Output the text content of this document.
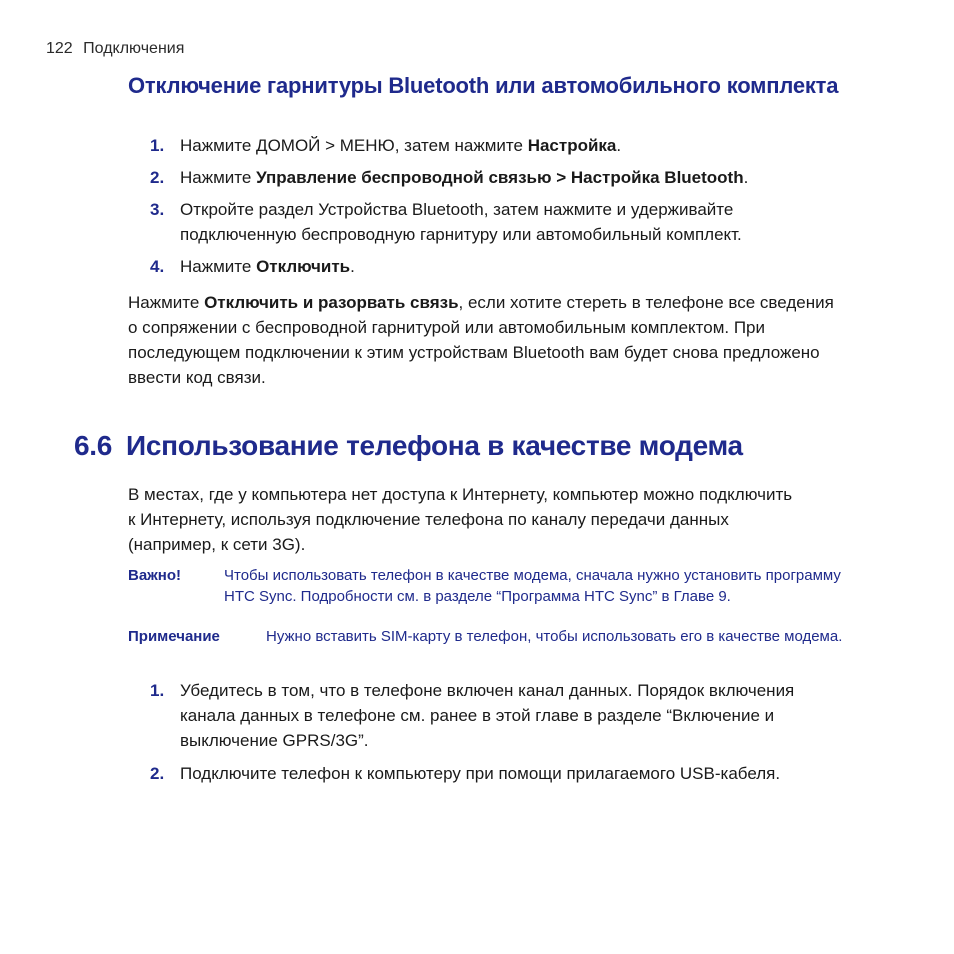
122 Подключения
Отключение гарнитуры Bluetooth или автомобильного комплекта
1. Нажмите ДОМОЙ > МЕНЮ, затем нажмите Настройка.
2. Нажмите Управление беспроводной связью > Настройка Bluetooth.
3. Откройте раздел Устройства Bluetooth, затем нажмите и удерживайте подключенную беспроводную гарнитуру или автомобильный комплект.
4. Нажмите Отключить.

Нажмите Отключить и разорвать связь, если хотите стереть в телефоне все сведения о сопряжении с беспроводной гарнитурой или автомобильным комплектом. При последующем подключении к этим устройствам Bluetooth вам будет снова предложено ввести код связи.

6.6 Использование телефона в качестве модема

В местах, где у компьютера нет доступа к Интернету, компьютер можно подключить к Интернету, используя подключение телефона по каналу передачи данных (например, к сети 3G).

Важно!	Чтобы использовать телефон в качестве модема, сначала нужно установить программу HTC Sync. Подробности см. в разделе “Программа HTC Sync” в Главе 9.
Примечание	Нужно вставить SIM-карту в телефон, чтобы использовать его в качестве модема.
1. Убедитесь в том, что в телефоне включен канал данных. Порядок включения канала данных в телефоне см. ранее в этой главе в разделе “Включение и выключение GPRS/3G”.
2. Подключите телефон к компьютеру при помощи прилагаемого USB-кабеля.
